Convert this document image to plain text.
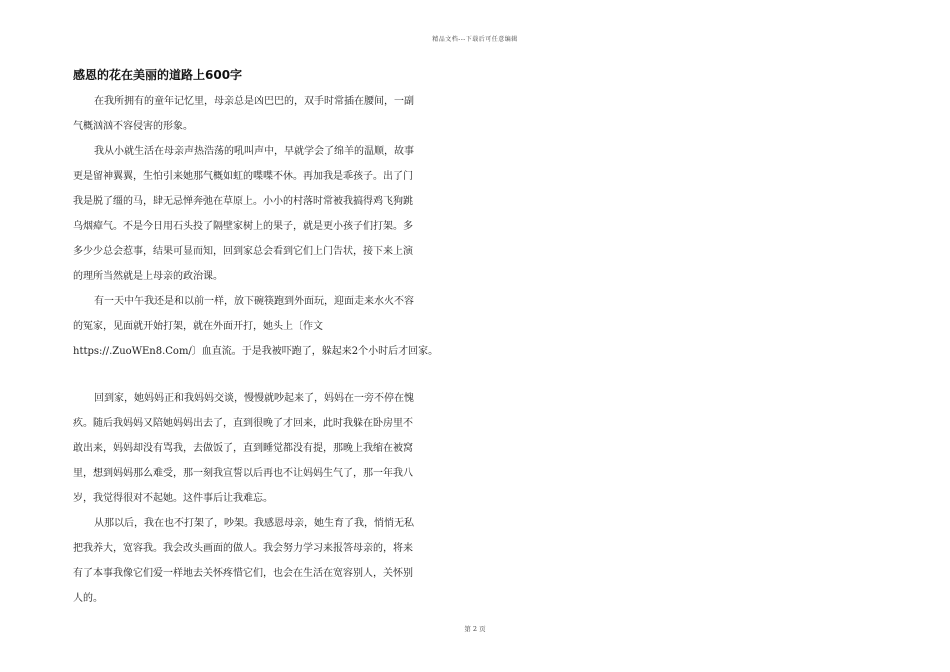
精品文档---下载后可任意编辑
感恩的花在美丽的道路上600字
在我所拥有的童年记忆里，母亲总是凶巴巴的，双手时常插在腰间，一副
气概汹汹不容侵害的形象。
我从小就生活在母亲声热浩荡的吼叫声中，早就学会了绵羊的温顺，故事
更是留神翼翼，生怕引来她那气概如虹的喋喋不休。再加我是乖孩子。出了门
我是脱了缰的马，肆无忌惮奔弛在草原上。小小的村落时常被我搞得鸡飞狗跳
乌烟瘴气。不是今日用石头投了隔壁家树上的果子，就是更小孩子们打架。多
多少少总会惹事，结果可显而知，回到家总会看到它们上门告状，接下来上演
的理所当然就是上母亲的政治课。
有一天中午我还是和以前一样，放下碗筷跑到外面玩，迎面走来水火不容
的冤家，见面就开始打架，就在外面开打，她头上〔作文
https://.ZuoWEn8.Com/〕血直流。于是我被吓跑了，躲起来2个小时后才回家。
回到家，她妈妈正和我妈妈交谈，慢慢就吵起来了，妈妈在一旁不停在愧
疚。随后我妈妈又陪她妈妈出去了，直到很晚了才回来，此时我躲在卧房里不
敢出来，妈妈却没有骂我，去做饭了，直到睡觉都没有提，那晚上我缩在被窝
里，想到妈妈那么难受，那一刻我宣誓以后再也不让妈妈生气了，那一年我八
岁，我觉得很对不起她。这件事后让我难忘。
从那以后，我在也不打架了，吵架。我感恩母亲，她生育了我，悄悄无私
把我养大，宽容我。我会改头画面的做人。我会努力学习来报答母亲的，将来
有了本事我像它们爱一样地去关怀疼惜它们，也会在生活在宽容别人，关怀别
人的。
第 2 页
